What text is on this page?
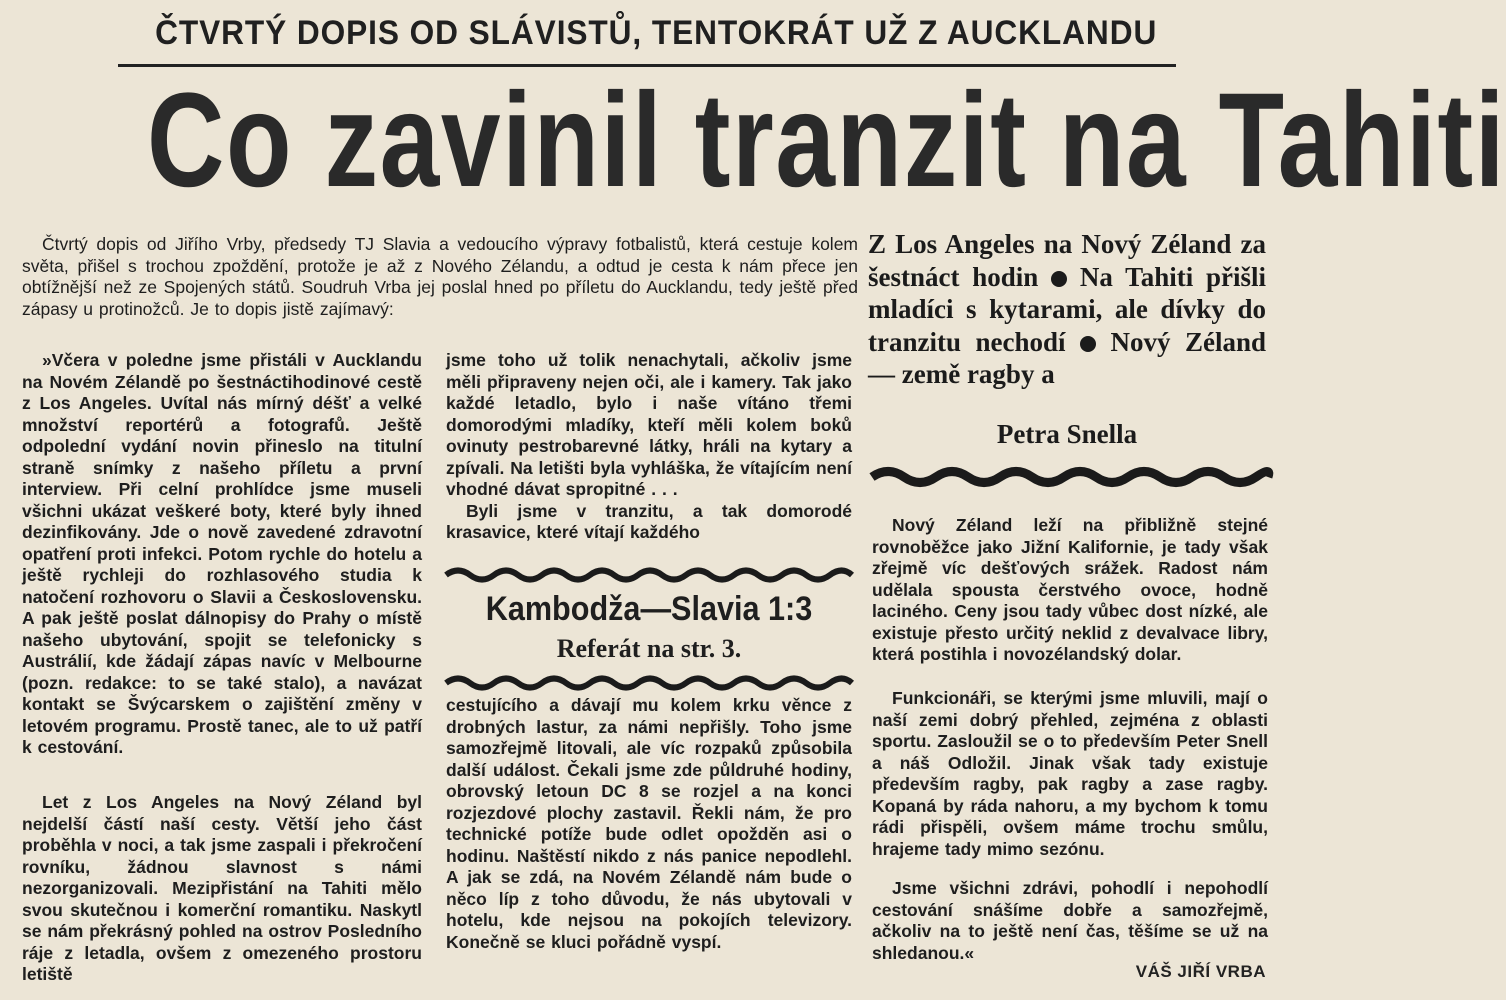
ČTVRTÝ DOPIS OD SLÁVISTŮ, TENTOKRÁT UŽ Z AUCKLANDU
Co zavinil tranzit na Tahiti

Čtvrtý dopis od Jiřího Vrby, předsedy TJ Slavia a vedoucího výpravy fotbalistů, která cestuje kolem světa, přišel s trochou zpoždění, protože je až z Nového Zélandu, a odtud je cesta k nám přece jen obtížnější než ze Spojených států. Soudruh Vrba jej poslal hned po příletu do Aucklandu, tedy ještě před zápasy u protinožců. Je to dopis jistě zajímavý:

»Včera v poledne jsme přistáli v Aucklandu na Novém Zélandě po šestnáctihodinové cestě z Los Angeles. Uvítal nás mírný déšť a velké množství reportérů a fotografů. Ještě odpolední vydání novin přineslo na titulní straně snímky z našeho příletu a první interview. Při celní prohlídce jsme museli všichni ukázat veškeré boty, které byly ihned dezinfikovány. Jde o nově zavedené zdravotní opatření proti infekci. Potom rychle do hotelu a ještě rychleji do rozhlasového studia k natočení rozhovoru o Slavii a Československu. A pak ještě poslat dálnopisy do Prahy o místě našeho ubytování, spojit se telefonicky s Austrálií, kde žádají zápas navíc v Melbourne (pozn. redakce: to se také stalo), a navázat kontakt se Švýcarskem o zajištění změny v letovém programu. Prostě tanec, ale to už patří k cestování.

Let z Los Angeles na Nový Zéland byl nejdelší částí naší cesty. Větší jeho část proběhla v noci, a tak jsme zaspali i překročení rovníku, žádnou slavnost s námi nezorganizovali. Mezipřistání na Tahiti mělo svou skutečnou i komerční romantiku. Naskytl se nám překrásný pohled na ostrov Posledního ráje z letadla, ovšem z omezeného prostoru letiště

jsme toho už tolik nenachytali, ačkoliv jsme měli připraveny nejen oči, ale i kamery. Tak jako každé letadlo, bylo i naše vítáno třemi domorodými mladíky, kteří měli kolem boků ovinuty pestrobarevné látky, hráli na kytary a zpívali. Na letišti byla vyhláška, že vítajícím není vhodné dávat spropitné . . .
Byli jsme v tranzitu, a tak domorodé krasavice, které vítají každého
Kambodža—Slavia 1:3
Referát na str. 3.

cestujícího a dávají mu kolem krku věnce z drobných lastur, za námi nepřišly. Toho jsme samozřejmě litovali, ale víc rozpaků způsobila další událost. Čekali jsme zde půldruhé hodiny, obrovský letoun DC 8 se rozjel a na konci rozjezdové plochy zastavil. Řekli nám, že pro technické potíže bude odlet opožděn asi o hodinu. Naštěstí nikdo z nás panice nepodlehl. A jak se zdá, na Novém Zélandě nám bude o něco líp z toho důvodu, že nás ubytovali v hotelu, kde nejsou na pokojích televizory. Konečně se kluci pořádně vyspí.

Z Los Angeles na Nový Zéland za šestnáct hodin Na Tahiti přišli mladíci s kytarami, ale dívky do tranzitu nechodí Nový Zéland — země ragby a

Petra Snella

Nový Zéland leží na přibližně stejné rovnoběžce jako Jižní Kalifornie, je tady však zřejmě víc dešťových srážek. Radost nám udělala spousta čerstvého ovoce, hodně laciného. Ceny jsou tady vůbec dost nízké, ale existuje přesto určitý neklid z devalvace libry, která postihla i novozélandský dolar.

Funkcionáři, se kterými jsme mluvili, mají o naší zemi dobrý přehled, zejména z oblasti sportu. Zasloužil se o to především Peter Snell a náš Odložil. Jinak však tady existuje především ragby, pak ragby a zase ragby. Kopaná by ráda nahoru, a my bychom k tomu rádi přispěli, ovšem máme trochu smůlu, hrajeme tady mimo sezónu.

Jsme všichni zdrávi, pohodlí i nepohodlí cestování snášíme dobře a samozřejmě, ačkoliv na to ještě není čas, těšíme se už na shledanou.«

VÁŠ JIŘÍ VRBA
